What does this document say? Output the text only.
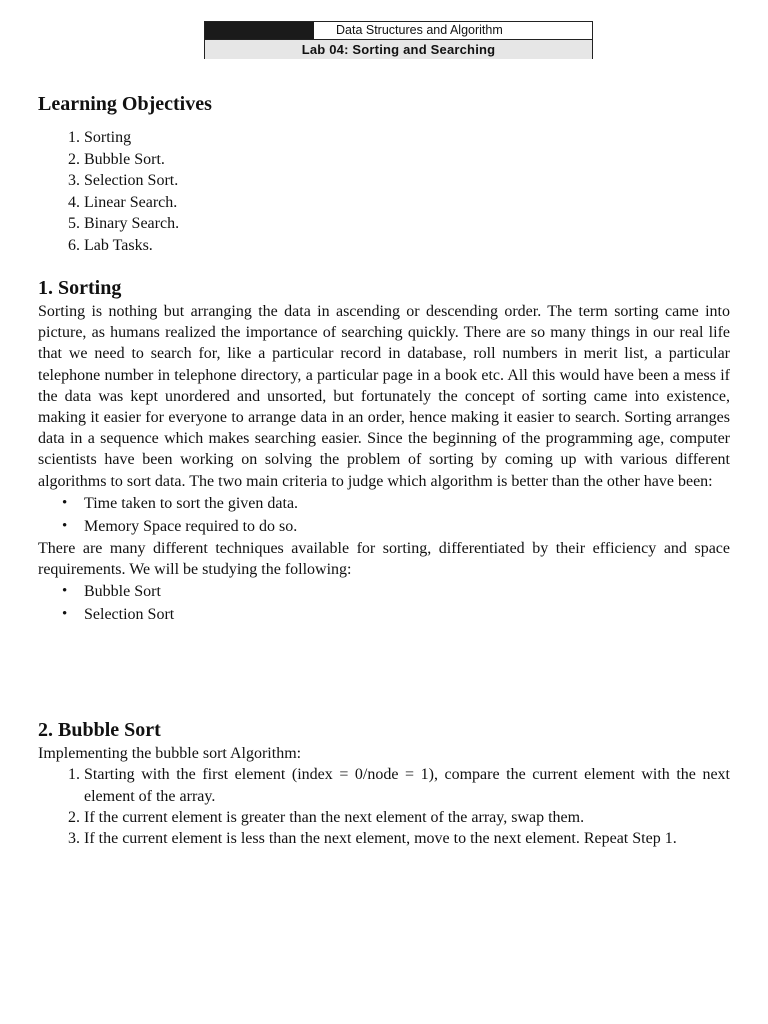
Data Structures and Algorithm
Lab 04: Sorting and Searching
Learning Objectives
1. Sorting
2. Bubble Sort.
3. Selection Sort.
4. Linear Search.
5. Binary Search.
6. Lab Tasks.
1. Sorting

Sorting is nothing but arranging the data in ascending or descending order. The term sorting came into picture, as humans realized the importance of searching quickly. There are so many things in our real life that we need to search for, like a particular record in database, roll numbers in merit list, a particular telephone number in telephone directory, a particular page in a book etc. All this would have been a mess if the data was kept unordered and unsorted, but fortunately the concept of sorting came into existence, making it easier for everyone to arrange data in an order, hence making it easier to search. Sorting arranges data in a sequence which makes searching easier. Since the beginning of the programming age, computer scientists have been working on solving the problem of sorting by coming up with various different algorithms to sort data. The two main criteria to judge which algorithm is better than the other have been:

• Time taken to sort the given data.
• Memory Space required to do so.

There are many different techniques available for sorting, differentiated by their efficiency and space requirements. We will be studying the following:

• Bubble Sort
• Selection Sort
2. Bubble Sort

Implementing the bubble sort Algorithm:

1. Starting with the first element (index = 0/node = 1), compare the current element with the next element of the array.
2. If the current element is greater than the next element of the array, swap them.
3. If the current element is less than the next element, move to the next element. Repeat Step 1.
